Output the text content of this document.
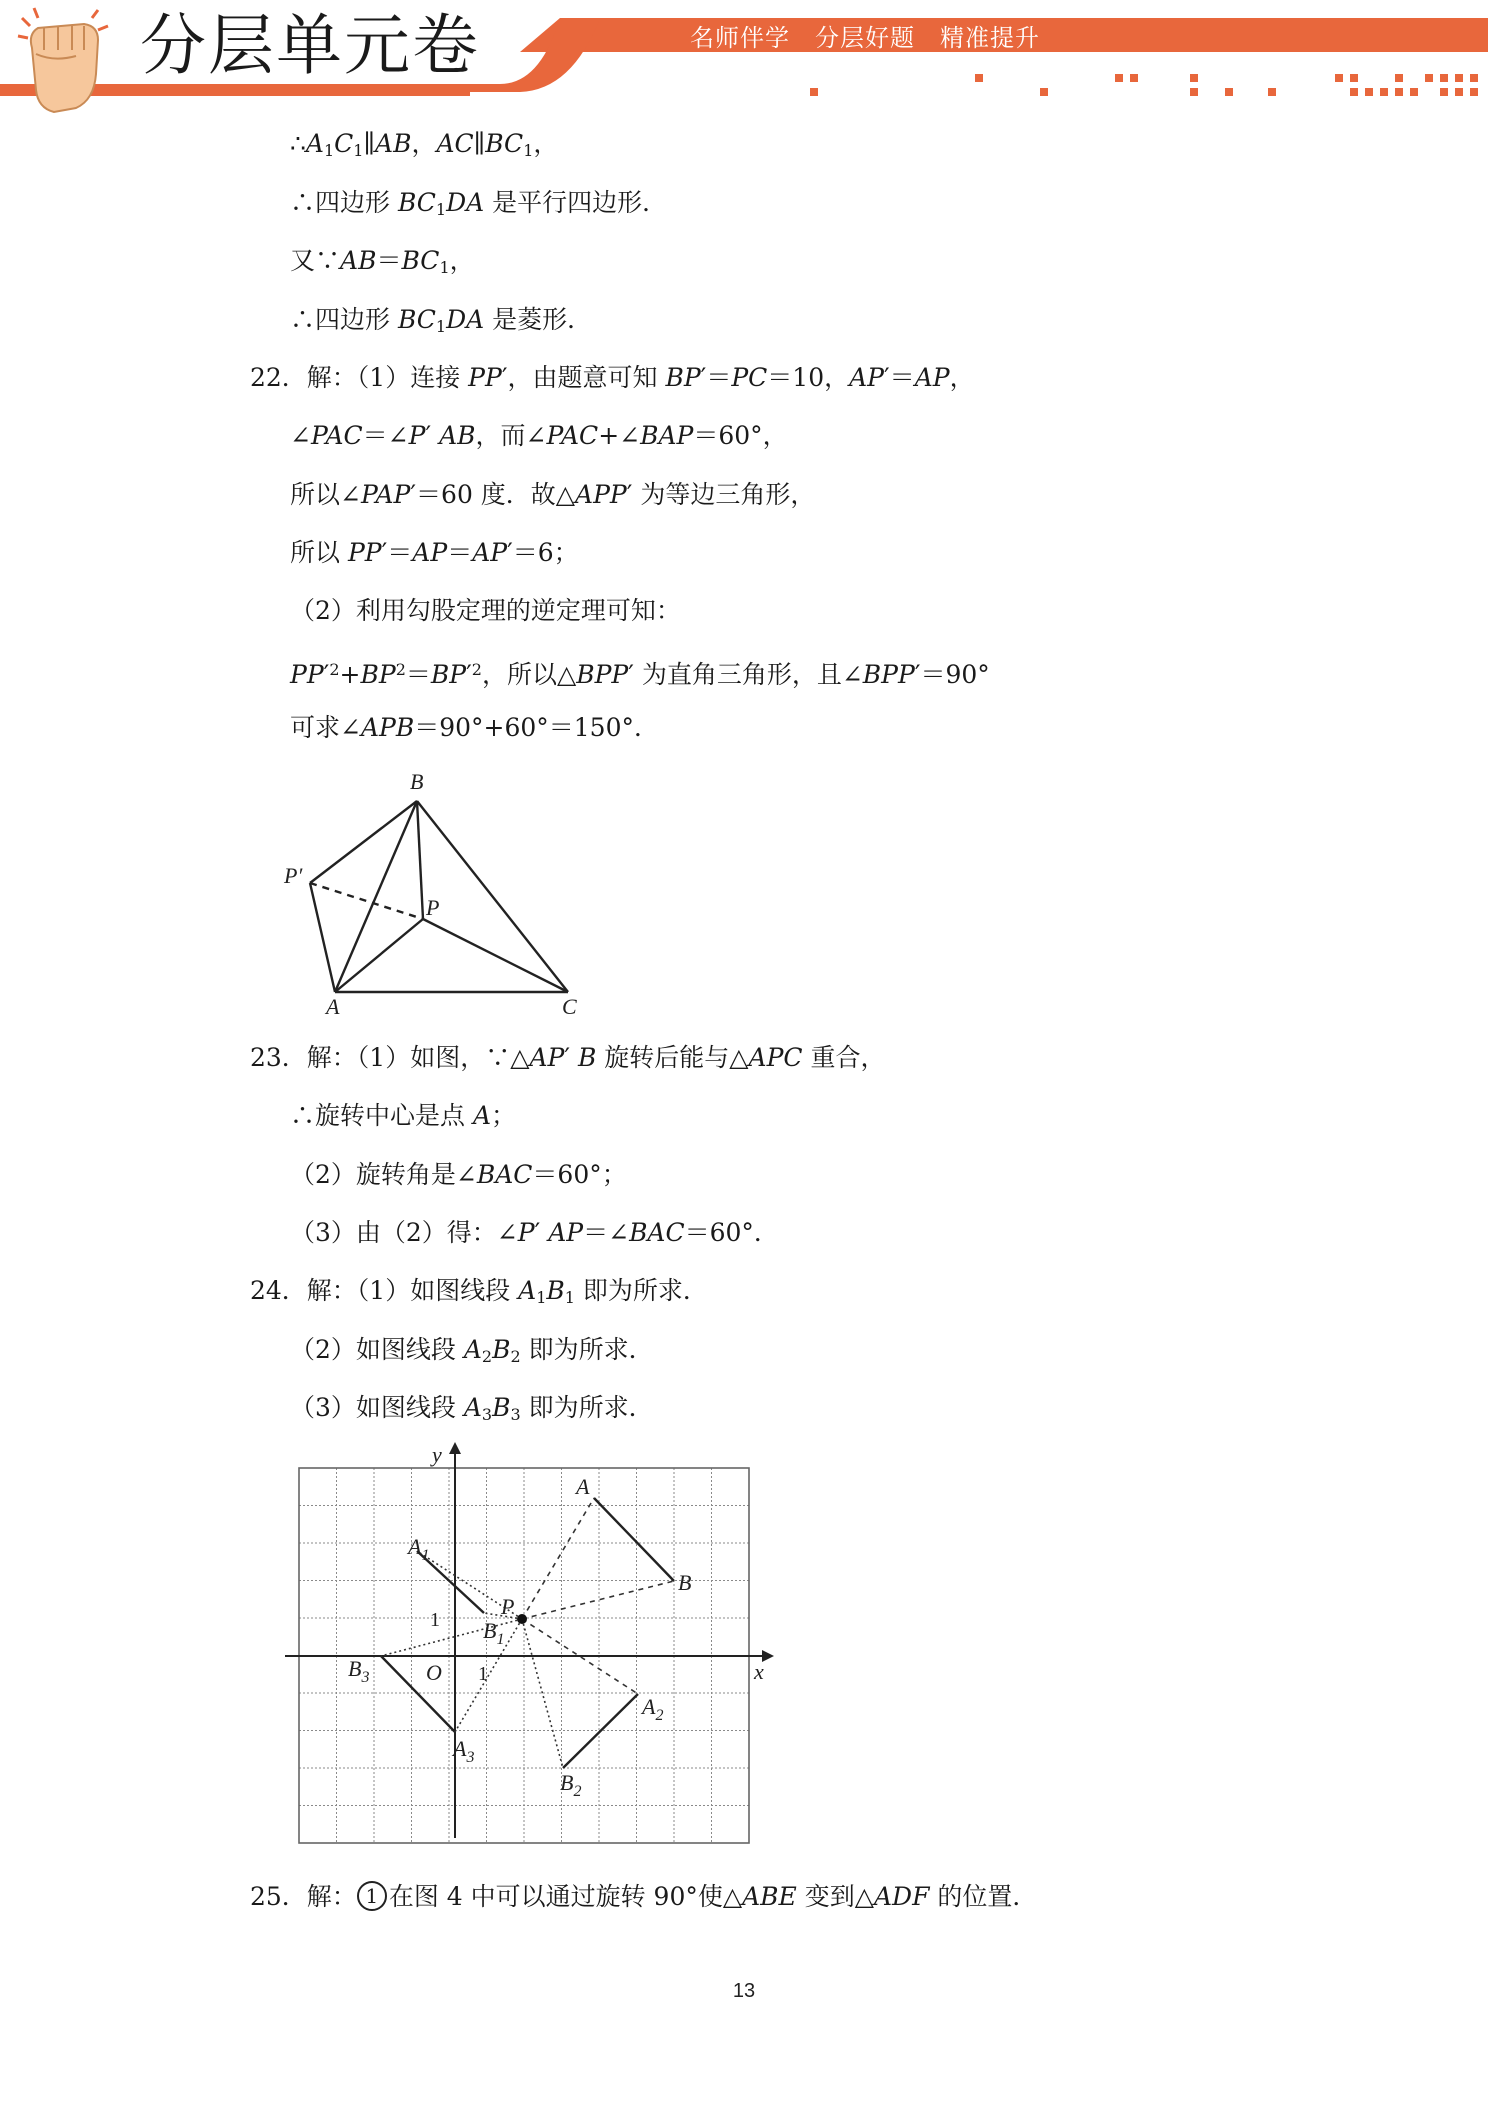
分层单元卷	名师伴学　分层好题　精准提升
$\therefore A_1C_1\parallel AB$，$AC\parallel BC_1$，
∴四边形 $BC_1DA$ 是平行四边形．
又$\because AB=BC_1$，
∴四边形 $BC_1DA$ 是菱形．
22．解：（1）连接 PP′，由题意可知 BP′＝PC＝10，AP′＝AP，
∠PAC＝∠P′ AB，而∠PAC+∠BAP＝60°，
所以∠PAP′＝60 度．故△APP′ 为等边三角形，
所以 PP′＝AP＝AP′＝6；
（2）利用勾股定理的逆定理可知：
$PP'^2+BP^2=BP'^2$，所以△BPP′ 为直角三角形，且∠BPP′＝90°
可求∠APB＝90°+60°＝150°．
23．解：（1）如图，∵△AP′ B 旋转后能与△APC 重合，
∴旋转中心是点 A；
（2）旋转角是∠BAC＝60°；
（3）由（2）得：∠P′ AP＝∠BAC＝60°．
24．解：（1）如图线段 $A_1B_1$ 即为所求．
（2）如图线段 $A_2B_2$ 即为所求．
（3）如图线段 $A_3B_3$ 即为所求．
25．解： 1 在图 4 中可以通过旋转 90°使△ABE 变到△ADF 的位置．
B
P′
P
A	C
y
x
O 1
1
P
A
B
$A_1$
$B_1$
$A_2$
$B_2$
$A_3$
$B_3$
13
